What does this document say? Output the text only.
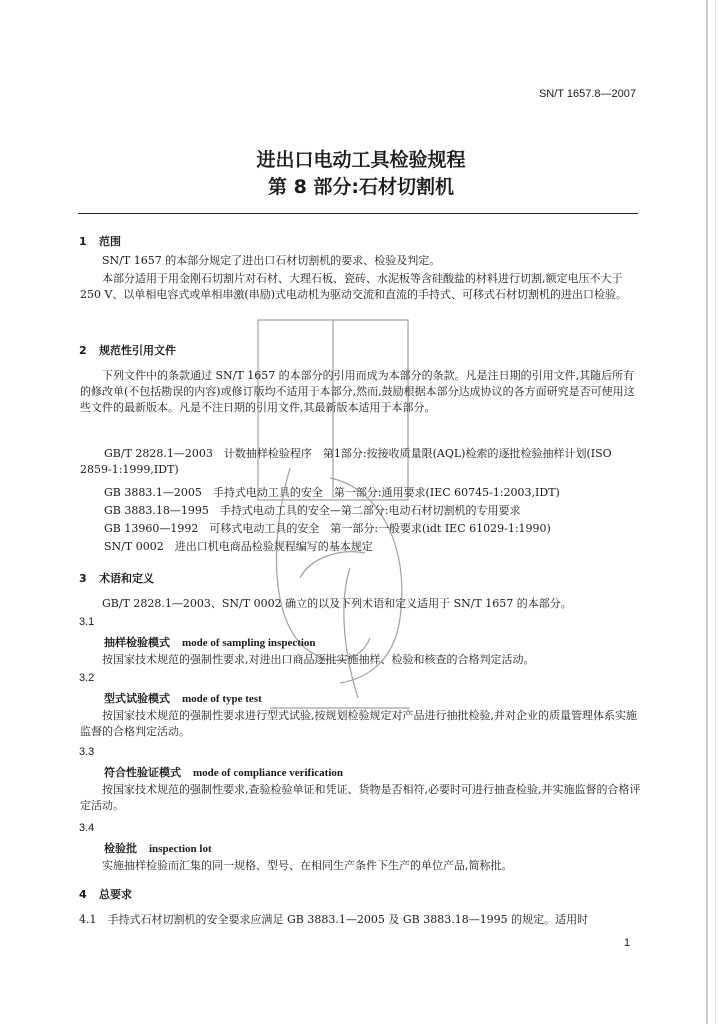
SN/T 1657.8—2007
进出口电动工具检验规程
第 8 部分:石材切割机
1 范围
SN/T 1657 的本部分规定了进出口石材切割机的要求、检验及判定。
本部分适用于用金刚石切割片对石材、大理石板、瓷砖、水泥板等含硅酸盐的材料进行切割,额定电压不大于 250 V、以单相电容式或单相串激(串励)式电动机为驱动交流和直流的手持式、可移式石材切割机的进出口检验。
2 规范性引用文件
下列文件中的条款通过 SN/T 1657 的本部分的引用而成为本部分的条款。凡是注日期的引用文件,其随后所有的修改单(不包括勘误的内容)或修订版均不适用于本部分,然而,鼓励根据本部分达成协议的各方面研究是否可使用这些文件的最新版本。凡是不注日期的引用文件,其最新版本适用于本部分。
GB/T 2828.1—2003　计数抽样检验程序　第1部分:按接收质量限(AQL)检索的逐批检验抽样计划(ISO 2859-1:1999,IDT)
GB 3883.1—2005　手持式电动工具的安全　第一部分:通用要求(IEC 60745-1:2003,IDT)
GB 3883.18—1995　手持式电动工具的安全—第二部分:电动石材切割机的专用要求
GB 13960—1992　可移式电动工具的安全　第一部分:一般要求(idt IEC 61029-1:1990)
SN/T 0002　进出口机电商品检验规程编写的基本规定
3 术语和定义
GB/T 2828.1—2003、SN/T 0002 确立的以及下列术语和定义适用于 SN/T 1657 的本部分。
3.1
抽样检验模式 mode of sampling inspection
按国家技术规范的强制性要求,对进出口商品逐批实施抽样、检验和核查的合格判定活动。
3.2
型式试验模式 mode of type test
按国家技术规范的强制性要求进行型式试验,按规划检验规定对产品进行抽批检验,并对企业的质量管理体系实施监督的合格判定活动。
3.3
符合性验证模式 mode of compliance verification
按国家技术规范的强制性要求,查验检验单证和凭证、货物是否相符,必要时可进行抽查检验,并实施监督的合格评定活动。
3.4
检验批 inspection lot
实施抽样检验而汇集的同一规格、型号、在相同生产条件下生产的单位产品,简称批。
4 总要求
4.1　手持式石材切割机的安全要求应满足 GB 3883.1—2005 及 GB 3883.18—1995 的规定。适用时
1
